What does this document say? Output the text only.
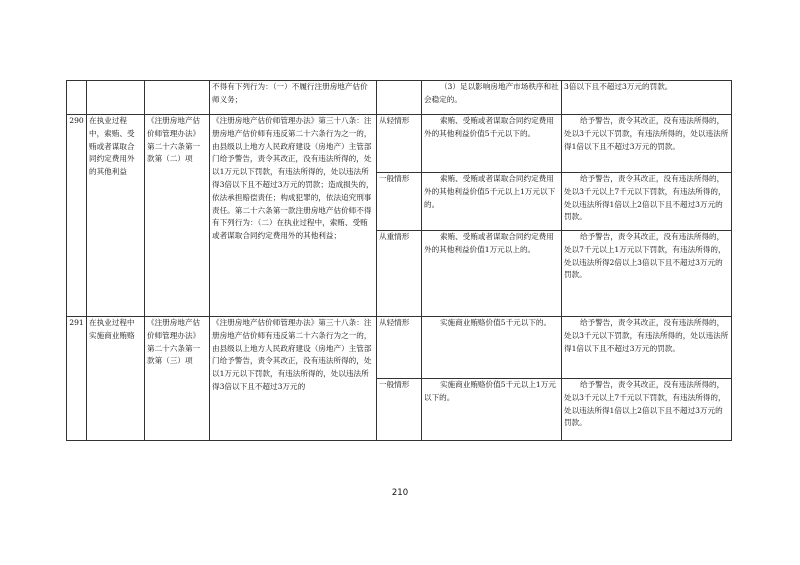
			不得有下列行为：（一）不履行注册房地产估价师义务；		（3）足以影响房地产市场秩序和社会稳定的。	3倍以下且不超过3万元的罚款。
290	在执业过程中，索贿、受贿或者谋取合同约定费用外的其他利益	《注册房地产估价师管理办法》第二十六条第一款第（二）项	《注册房地产估价师管理办法》第三十八条：注册房地产估价师有违反第二十六条行为之一的，由县级以上地方人民政府建设（房地产）主管部门给予警告，责令其改正，没有违法所得的，处以1万元以下罚款，有违法所得的，处以违法所得3倍以下且不超过3万元的罚款；造成损失的，依法承担赔偿责任；构成犯罪的，依法追究刑事责任。第二十六条第一款注册房地产估价师不得有下列行为：（二）在执业过程中，索贿、受贿或者谋取合同约定费用外的其他利益；	从轻情形	索贿、受贿或者谋取合同约定费用外的其他利益价值5千元以下的。	给予警告，责令其改正，没有违法所得的，处以3千元以下罚款，有违法所得的，处以违法所得1倍以下且不超过3万元的罚款。
				一般情形	索贿、受贿或者谋取合同约定费用外的其他利益价值5千元以上1万元以下的。	给予警告，责令其改正，没有违法所得的，处以3千元以上7千元以下罚款，有违法所得的，处以违法所得1倍以上2倍以下且不超过3万元的罚款。
				从重情形	索贿、受贿或者谋取合同约定费用外的其他利益价值1万元以上的。	给予警告，责令其改正，没有违法所得的，处以7千元以上1万元以下罚款，有违法所得的，处以违法所得2倍以上3倍以下且不超过3万元的罚款。
291	在执业过程中实施商业贿赂	《注册房地产估价师管理办法》第二十六条第一款第（三）项	《注册房地产估价师管理办法》第三十八条：注册房地产估价师有违反第二十六条行为之一的，由县级以上地方人民政府建设（房地产）主管部门给予警告，责令其改正，没有违法所得的，处以1万元以下罚款，有违法所得的，处以违法所得3倍以下且不超过3万元的	从轻情形	实施商业贿赂价值5千元以下的。	给予警告，责令其改正，没有违法所得的，处以3千元以下罚款，有违法所得的，处以违法所得1倍以下且不超过3万元的罚款。
				一般情形	实施商业贿赂价值5千元以上1万元以下的。	给予警告，责令其改正，没有违法所得的，处以3千元以上7千元以下罚款，有违法所得的，处以违法所得1倍以上2倍以下且不超过3万元的罚款。
210
